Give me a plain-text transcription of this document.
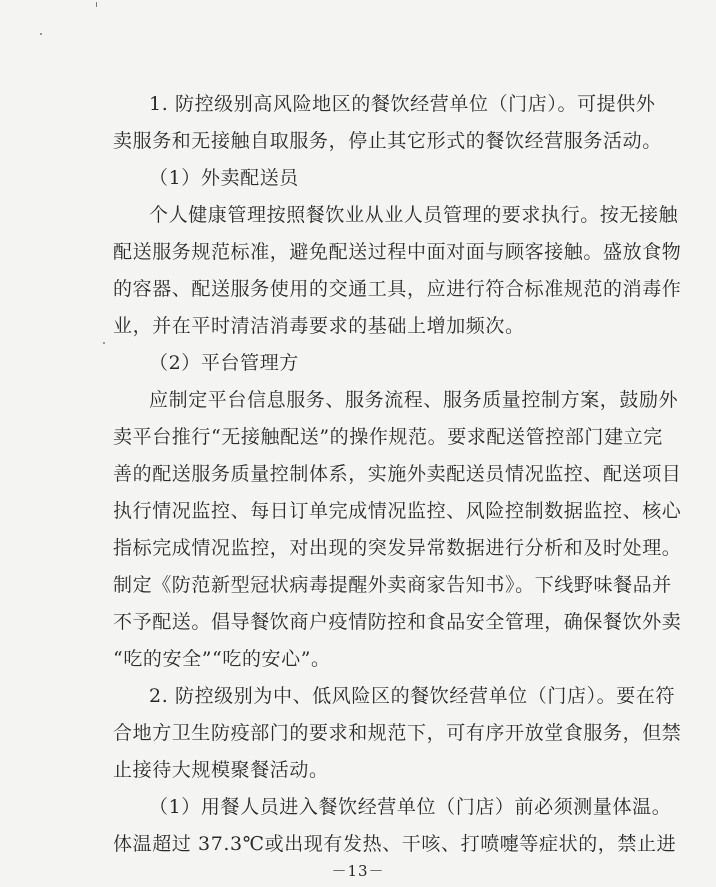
1. 防控级别高风险地区的餐饮经营单位（门店）。可提供外
卖服务和无接触自取服务，停止其它形式的餐饮经营服务活动。
（1）外卖配送员
个人健康管理按照餐饮业从业人员管理的要求执行。按无接触
配送服务规范标准，避免配送过程中面对面与顾客接触。盛放食物
的容器、配送服务使用的交通工具，应进行符合标准规范的消毒作
业，并在平时清洁消毒要求的基础上增加频次。
（2）平台管理方
应制定平台信息服务、服务流程、服务质量控制方案，鼓励外
卖平台推行“无接触配送”的操作规范。要求配送管控部门建立完
善的配送服务质量控制体系，实施外卖配送员情况监控、配送项目
执行情况监控、每日订单完成情况监控、风险控制数据监控、核心
指标完成情况监控，对出现的突发异常数据进行分析和及时处理。
制定《防范新型冠状病毒提醒外卖商家告知书》。下线野味餐品并
不予配送。倡导餐饮商户疫情防控和食品安全管理，确保餐饮外卖
“吃的安全”“吃的安心”。
2. 防控级别为中、低风险区的餐饮经营单位（门店）。要在符
合地方卫生防疫部门的要求和规范下，可有序开放堂食服务，但禁
止接待大规模聚餐活动。
（1）用餐人员进入餐饮经营单位（门店）前必须测量体温。
体温超过 37.3℃或出现有发热、干咳、打喷嚏等症状的，禁止进
－13－
